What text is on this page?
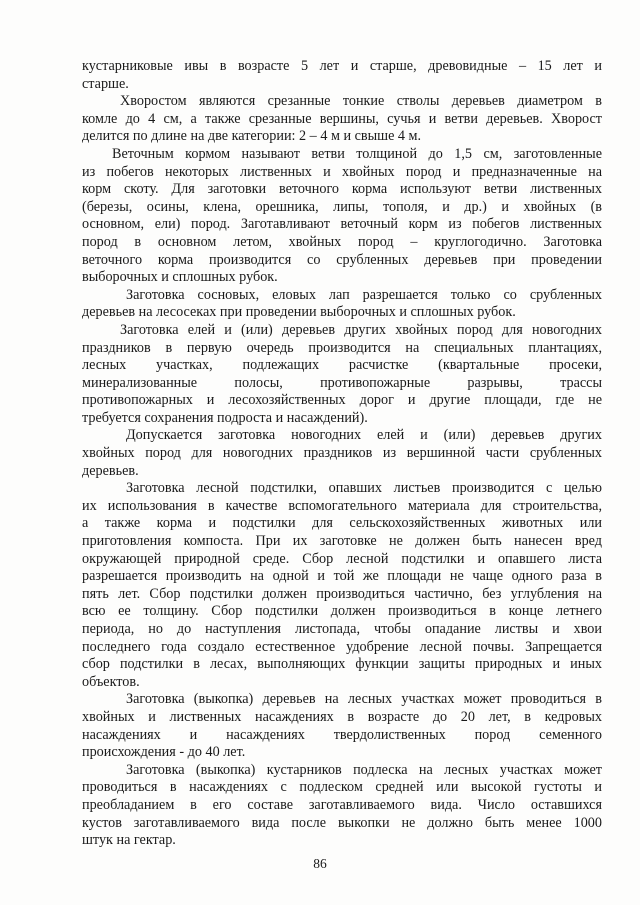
кустарниковые ивы в возрасте 5 лет и старше, древовидные – 15 лет и
старше.

Хворостом являются срезанные тонкие стволы деревьев диаметром в
комле до 4 см, а также срезанные вершины, сучья и ветви деревьев. Хворост
делится по длине на две категории: 2 – 4 м и свыше 4 м.

Веточным кормом называют ветви толщиной до 1,5 см, заготовленные
из побегов некоторых лиственных и хвойных пород и предназначенные на
корм скоту. Для заготовки веточного корма используют ветви лиственных
(березы, осины, клена, орешника, липы, тополя, и др.) и хвойных (в
основном, ели) пород. Заготавливают веточный корм из побегов лиственных
пород в основном летом, хвойных пород – круглогодично. Заготовка
веточного корма производится со срубленных деревьев при проведении
выборочных и сплошных рубок.

Заготовка сосновых, еловых лап разрешается только со срубленных
деревьев на лесосеках при проведении выборочных и сплошных рубок.

Заготовка елей и (или) деревьев других хвойных пород для новогодних
праздников в первую очередь производится на специальных плантациях,
лесных участках, подлежащих расчистке (квартальные просеки,
минерализованные полосы, противопожарные разрывы, трассы
противопожарных и лесохозяйственных дорог и другие площади, где не
требуется сохранения подроста и насаждений).

Допускается заготовка новогодних елей и (или) деревьев других
хвойных пород для новогодних праздников из вершинной части срубленных
деревьев.

Заготовка лесной подстилки, опавших листьев производится с целью
их использования в качестве вспомогательного материала для строительства,
а также корма и подстилки для сельскохозяйственных животных или
приготовления компоста. При их заготовке не должен быть нанесен вред
окружающей природной среде. Сбор лесной подстилки и опавшего листа
разрешается производить на одной и той же площади не чаще одного раза в
пять лет. Сбор подстилки должен производиться частично, без углубления на
всю ее толщину. Сбор подстилки должен производиться в конце летнего
периода, но до наступления листопада, чтобы опадание листвы и хвои
последнего года создало естественное удобрение лесной почвы. Запрещается
сбор подстилки в лесах, выполняющих функции защиты природных и иных
объектов.

Заготовка (выкопка) деревьев на лесных участках может проводиться в
хвойных и лиственных насаждениях в возрасте до 20 лет, в кедровых
насаждениях и насаждениях твердолиственных пород семенного
происхождения - до 40 лет.

Заготовка (выкопка) кустарников подлеска на лесных участках может
проводиться в насаждениях с подлеском средней или высокой густоты и
преобладанием в его составе заготавливаемого вида. Число оставшихся
кустов заготавливаемого вида после выкопки не должно быть менее 1000
штук на гектар.

86
